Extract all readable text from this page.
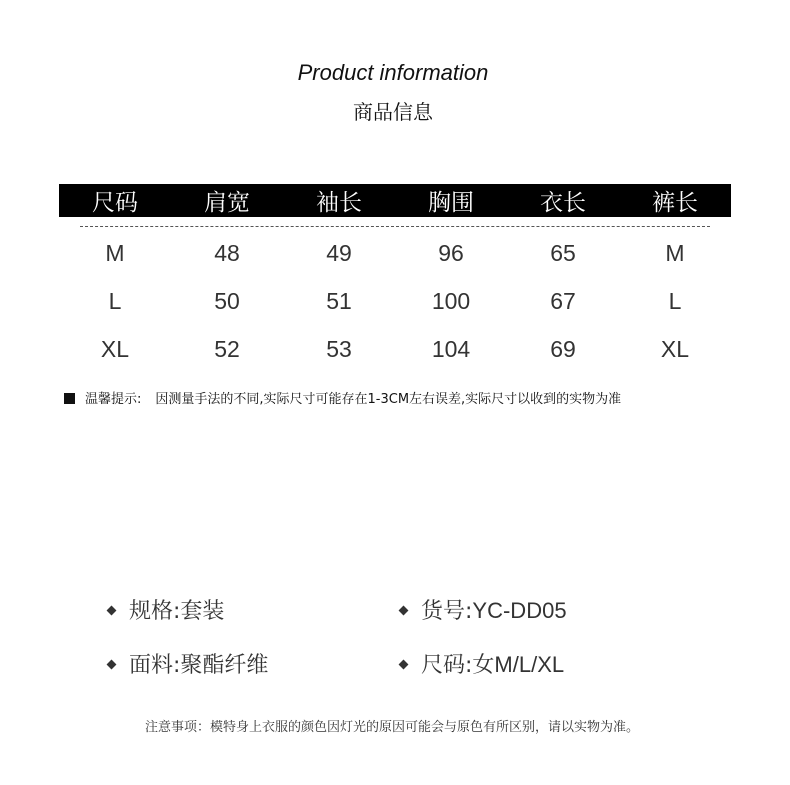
Product information
商品信息
尺码	肩宽	袖长	胸围	衣长	裤长

M	48	49	96	65	M
L	50	51	100	67	L
XL	52	53	104	69	XL
温馨提示: 因测量手法的不同,实际尺寸可能存在1-3CM左右误差,实际尺寸以收到的实物为准
规格:套装	货号:YC-DD05
面料:聚酯纤维	尺码:女M/L/XL
注意事项：模特身上衣服的颜色因灯光的原因可能会与原色有所区别，请以实物为准。
